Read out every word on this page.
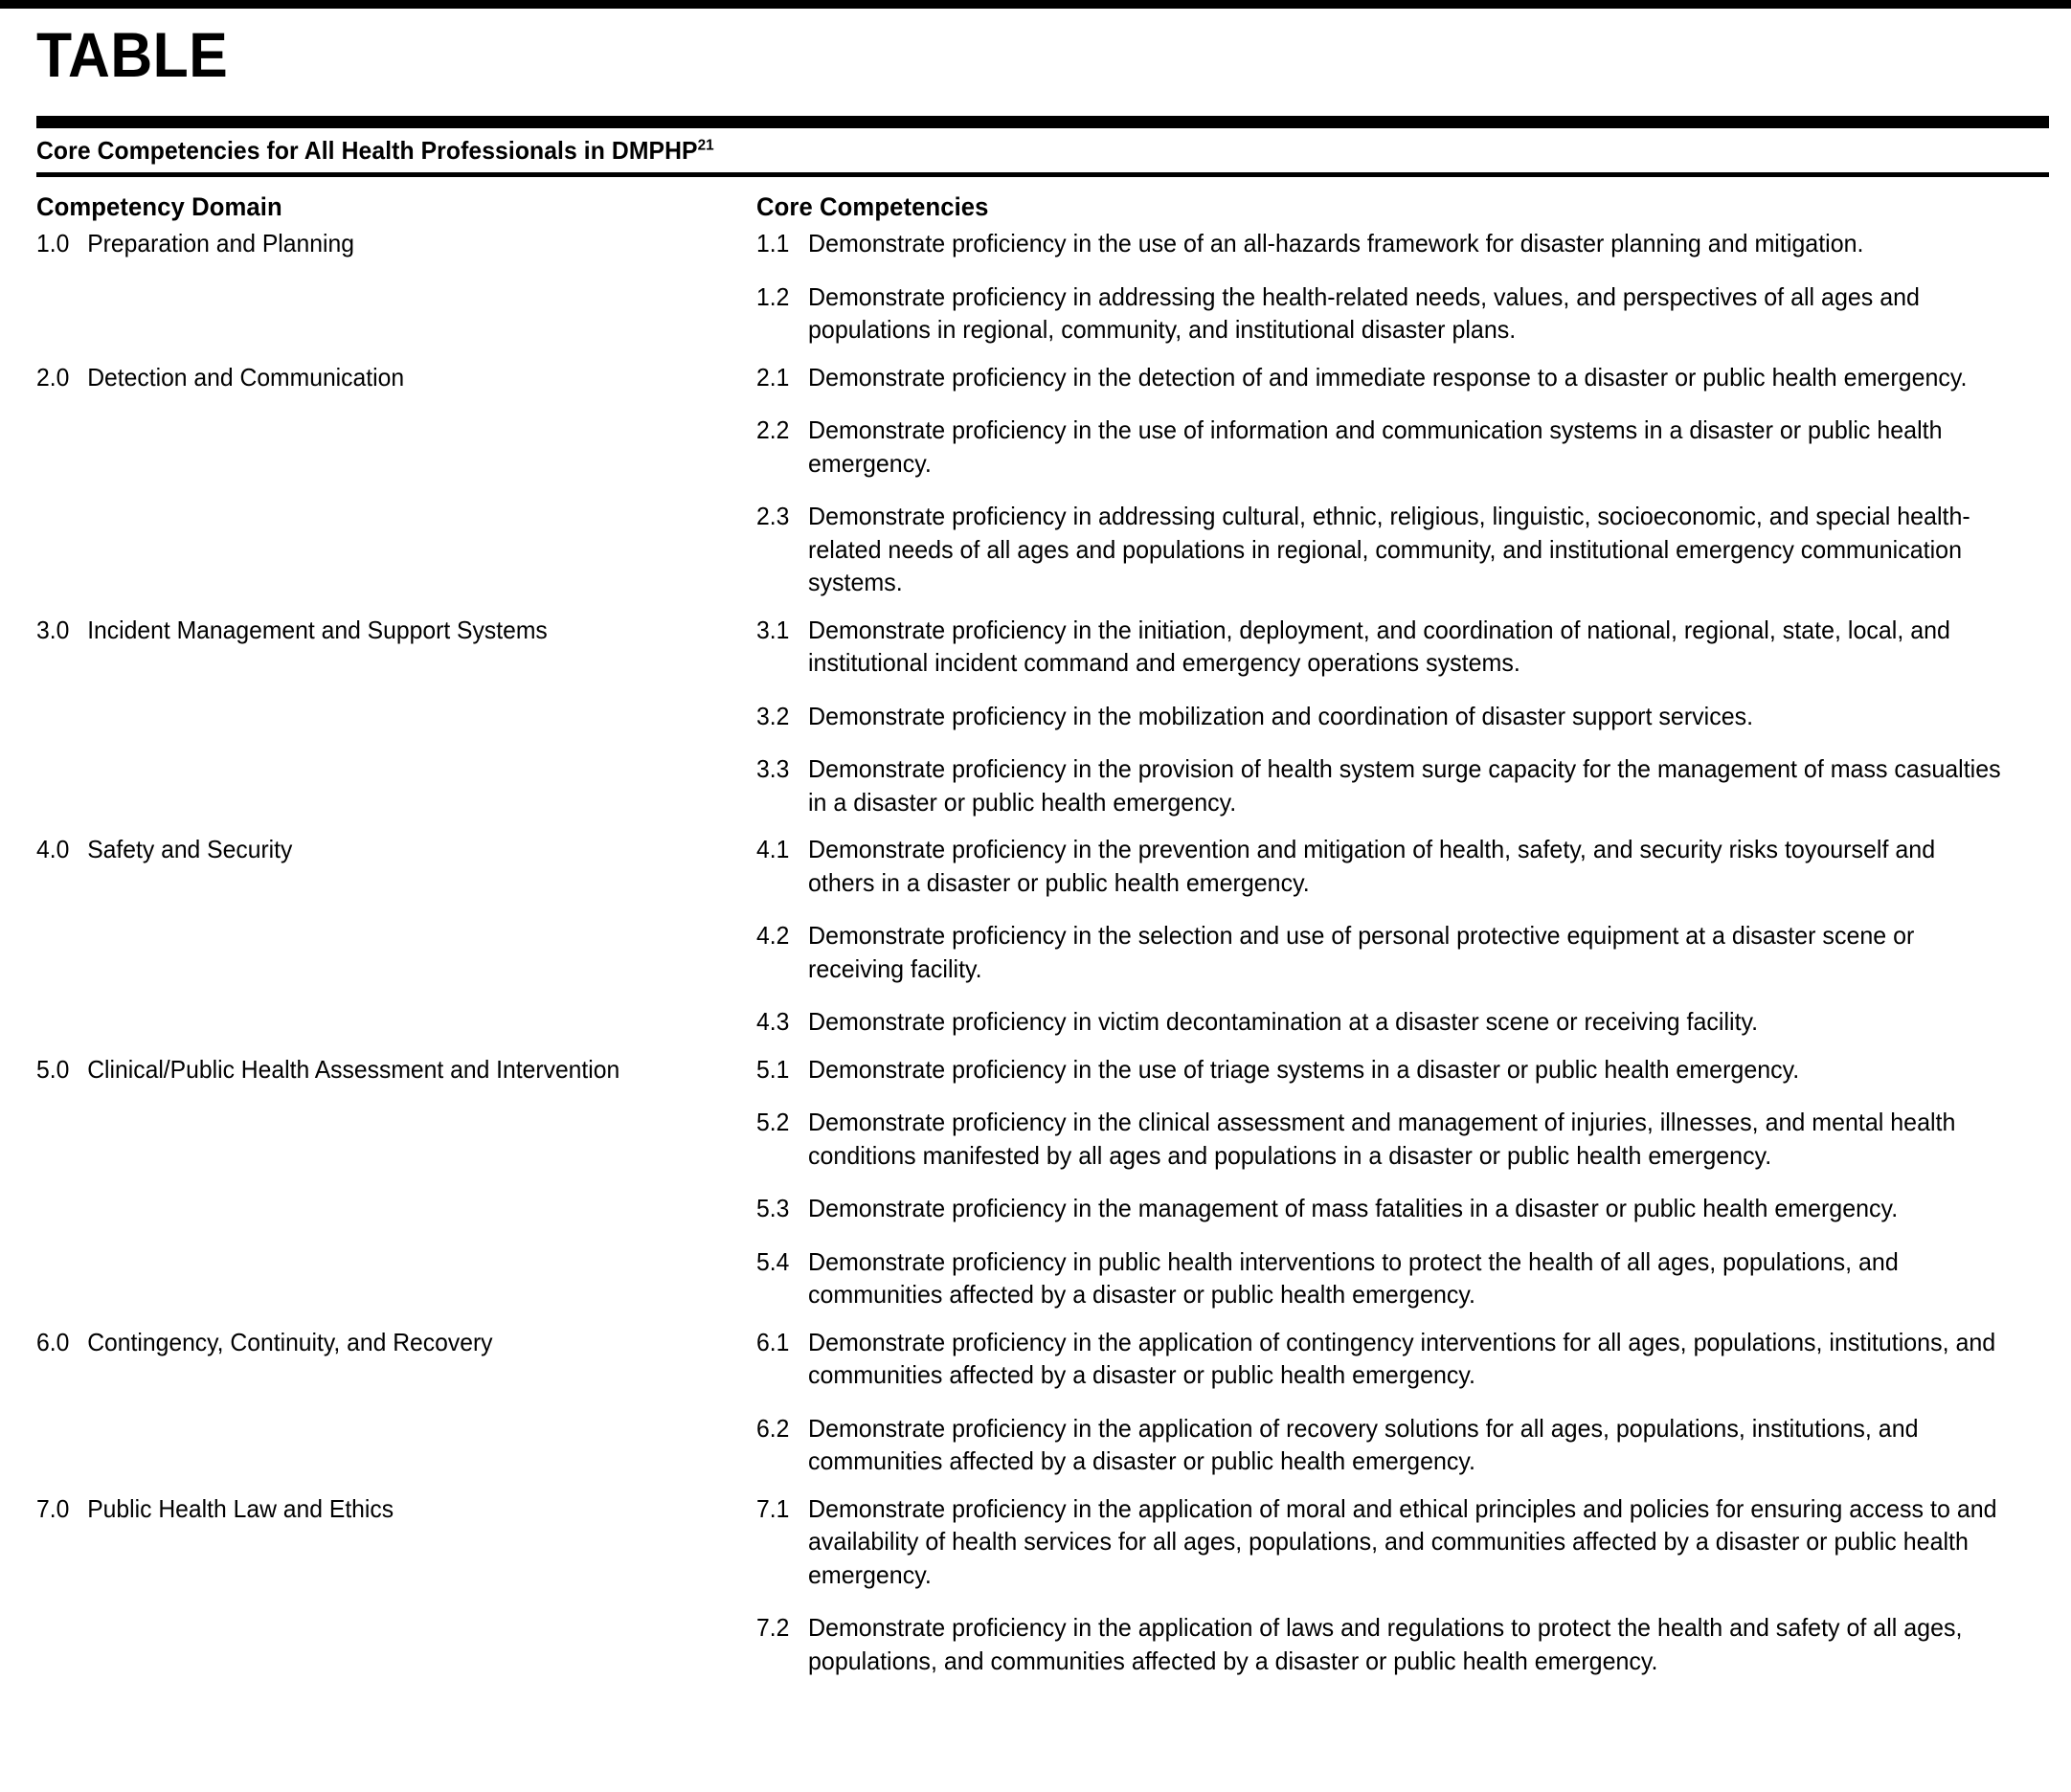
TABLE
Core Competencies for All Health Professionals in DMPHP$^{21}$
Competency Domain	Core Competencies
1.0 Preparation and Planning	1.1 Demonstrate proficiency in the use of an all-hazards framework for disaster planning and mitigation.
1.2 Demonstrate proficiency in addressing the health-related needs, values, and perspectives of all ages and populations in regional, community, and institutional disaster plans.

2.0 Detection and Communication	2.1 Demonstrate proficiency in the detection of and immediate response to a disaster or public health emergency.
2.2 Demonstrate proficiency in the use of information and communication systems in a disaster or public health emergency.
2.3 Demonstrate proficiency in addressing cultural, ethnic, religious, linguistic, socioeconomic, and special health-related needs of all ages and populations in regional, community, and institutional emergency communication systems.

3.0 Incident Management and Support Systems	3.1 Demonstrate proficiency in the initiation, deployment, and coordination of national, regional, state, local, and institutional incident command and emergency operations systems.
3.2 Demonstrate proficiency in the mobilization and coordination of disaster support services.
3.3 Demonstrate proficiency in the provision of health system surge capacity for the management of mass casualties in a disaster or public health emergency.

4.0 Safety and Security	4.1 Demonstrate proficiency in the prevention and mitigation of health, safety, and security risks toyourself and others in a disaster or public health emergency.
4.2 Demonstrate proficiency in the selection and use of personal protective equipment at a disaster scene or receiving facility.
4.3 Demonstrate proficiency in victim decontamination at a disaster scene or receiving facility.

5.0 Clinical/Public Health Assessment and Intervention	5.1 Demonstrate proficiency in the use of triage systems in a disaster or public health emergency.
5.2 Demonstrate proficiency in the clinical assessment and management of injuries, illnesses, and mental health conditions manifested by all ages and populations in a disaster or public health emergency.
5.3 Demonstrate proficiency in the management of mass fatalities in a disaster or public health emergency.
5.4 Demonstrate proficiency in public health interventions to protect the health of all ages, populations, and communities affected by a disaster or public health emergency.

6.0 Contingency, Continuity, and Recovery	6.1 Demonstrate proficiency in the application of contingency interventions for all ages, populations, institutions, and communities affected by a disaster or public health emergency.
6.2 Demonstrate proficiency in the application of recovery solutions for all ages, populations, institutions, and communities affected by a disaster or public health emergency.

7.0 Public Health Law and Ethics	7.1 Demonstrate proficiency in the application of moral and ethical principles and policies for ensuring access to and availability of health services for all ages, populations, and communities affected by a disaster or public health emergency.
7.2 Demonstrate proficiency in the application of laws and regulations to protect the health and safety of all ages, populations, and communities affected by a disaster or public health emergency.
